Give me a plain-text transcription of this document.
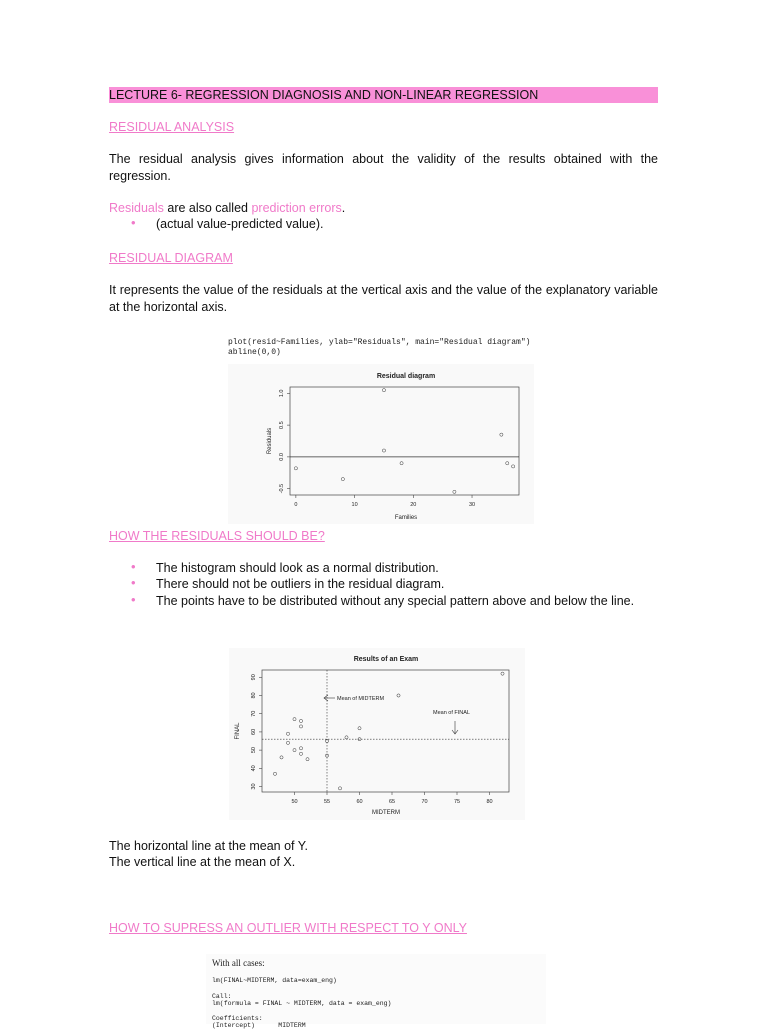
LECTURE 6- REGRESSION DIAGNOSIS AND NON-LINEAR REGRESSION
RESIDUAL ANALYSIS
The residual analysis gives information about the validity of the results obtained with the regression.
Residuals are also called prediction errors.
• (actual value-predicted value).
RESIDUAL DIAGRAM
It represents the value of the residuals at the vertical axis and the value of the explanatory variable at the horizontal axis.
plot(resid~Families, ylab="Residuals", main="Residual diagram")
abline(0,0)
Residual diagram
0	10	20	30
-0.5
0.0
0.5
1.0
Families
Residuals
HOW THE RESIDUALS SHOULD BE?
• The histogram should look as a normal distribution.
• There should not be outliers in the residual diagram.
• The points have to be distributed without any special pattern above and below the line.
Results of an Exam
50	55	60	65	70	75	80
30
40
50
60
70
80
90
Mean of MIDTERM
Mean of FINAL
MIDTERM
FINAL
The horizontal line at the mean of Y.
The vertical line at the mean of X.
HOW TO SUPRESS AN OUTLIER WITH RESPECT TO Y ONLY
With all cases:
lm(FINAL~MIDTERM, data=exam_eng)
Call:
lm(formula = FINAL ~ MIDTERM, data = exam_eng)
Coefficients:
(Intercept)      MIDTERM
